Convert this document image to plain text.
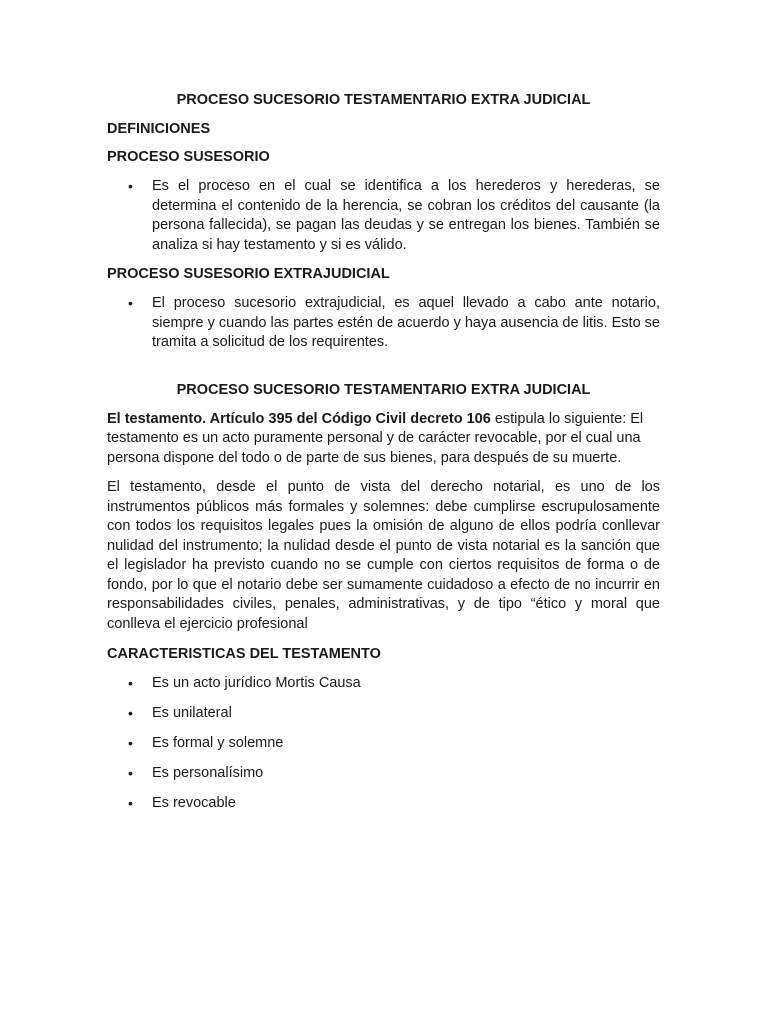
PROCESO SUCESORIO TESTAMENTARIO EXTRA JUDICIAL

DEFINICIONES

PROCESO SUSESORIO

• Es el proceso en el cual se identifica a los herederos y herederas, se determina el contenido de la herencia, se cobran los créditos del causante (la persona fallecida), se pagan las deudas y se entregan los bienes. También se analiza si hay testamento y si es válido.

PROCESO SUSESORIO EXTRAJUDICIAL

• El proceso sucesorio extrajudicial, es aquel llevado a cabo ante notario, siempre y cuando las partes estén de acuerdo y haya ausencia de litis. Esto se tramita a solicitud de los requirentes.

PROCESO SUCESORIO TESTAMENTARIO EXTRA JUDICIAL

El testamento. Artículo 395 del Código Civil decreto 106 estipula lo siguiente: El testamento es un acto puramente personal y de carácter revocable, por el cual una persona dispone del todo o de parte de sus bienes, para después de su muerte.

El testamento, desde el punto de vista del derecho notarial, es uno de los instrumentos públicos más formales y solemnes: debe cumplirse escrupulosamente con todos los requisitos legales pues la omisión de alguno de ellos podría conllevar nulidad del instrumento; la nulidad desde el punto de vista notarial es la sanción que el legislador ha previsto cuando no se cumple con ciertos requisitos de forma o de fondo, por lo que el notario debe ser sumamente cuidadoso a efecto de no incurrir en responsabilidades civiles, penales, administrativas, y de tipo “ético y moral que conlleva el ejercicio profesional

CARACTERISTICAS DEL TESTAMENTO

• Es un acto jurídico Mortis Causa
• Es unilateral
• Es formal y solemne
• Es personalísimo
• Es revocable
